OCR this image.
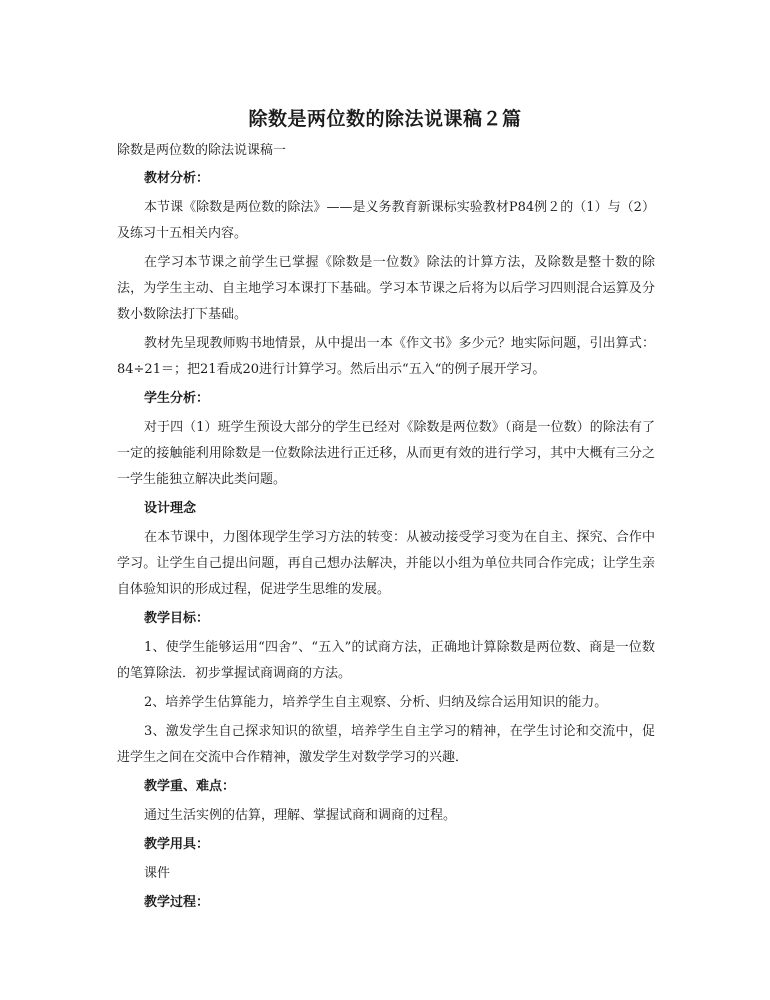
除数是两位数的除法说课稿２篇

除数是两位数的除法说课稿一

教材分析：

本节课《除数是两位数的除法》——是义务教育新课标实验教材P84例２的（1）与（2）及练习十五相关内容。

在学习本节课之前学生已掌握《除数是一位数》除法的计算方法，及除数是整十数的除法，为学生主动、自主地学习本课打下基础。学习本节课之后将为以后学习四则混合运算及分数小数除法打下基础。

教材先呈现教师购书地情景，从中提出一本《作文书》多少元？地实际问题，引出算式：84÷21＝；把21看成20进行计算学习。然后出示“五入“的例子展开学习。

学生分析：

对于四（1）班学生预设大部分的学生已经对《除数是两位数》（商是一位数）的除法有了一定的接触能利用除数是一位数除法进行正迁移，从而更有效的进行学习，其中大概有三分之一学生能独立解决此类问题。

设计理念

在本节课中，力图体现学生学习方法的转变：从被动接受学习变为在自主、探究、合作中学习。让学生自己提出问题，再自己想办法解决，并能以小组为单位共同合作完成；让学生亲自体验知识的形成过程，促进学生思维的发展。

教学目标：

1、使学生能够运用“四舍”、“五入”的试商方法，正确地计算除数是两位数、商是一位数的笔算除法．初步掌握试商调商的方法。

2、培养学生估算能力，培养学生自主观察、分析、归纳及综合运用知识的能力。

3、激发学生自己探求知识的欲望，培养学生自主学习的精神，在学生讨论和交流中，促进学生之间在交流中合作精神，激发学生对数学学习的兴趣．

教学重、难点：

通过生活实例的估算，理解、掌握试商和调商的过程。

教学用具：

课件

教学过程：
